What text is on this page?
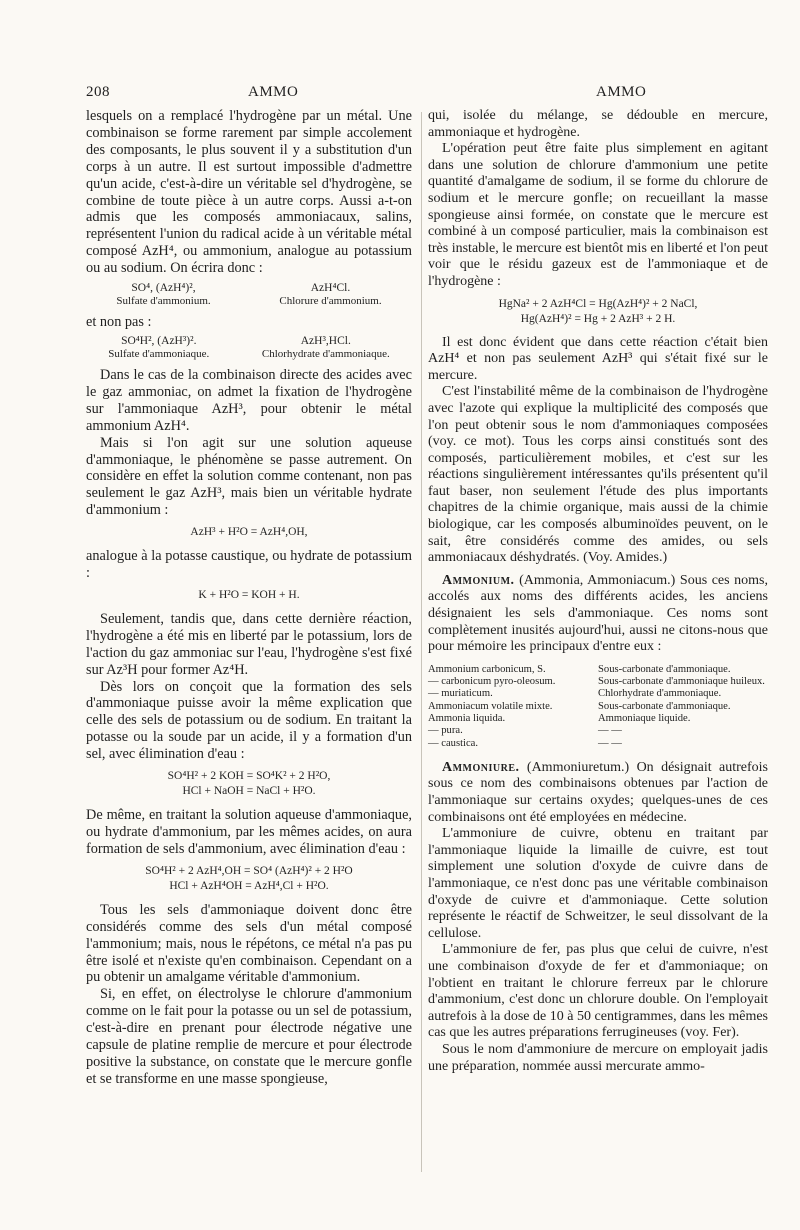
208	AMMO	AMMO

lesquels on a remplacé l'hydrogène par un métal. Une combinaison se forme rarement par simple accolement des composants, le plus souvent il y a substitution d'un corps à un autre. Il est surtout impossible d'admettre qu'un acide, c'est-à-dire un véritable sel d'hydrogène, se combine de toute pièce à un autre corps. Aussi a-t-on admis que les composés ammoniacaux, salins, représentent l'union du radical acide à un véritable métal composé AzH⁴, ou ammonium, analogue au potassium ou au sodium. On écrira donc :

SO⁴, (AzH⁴)²,
Sulfate d'ammonium.
AzH⁴Cl.
Chlorure d'ammonium.

et non pas :

SO⁴H², (AzH³)².
Sulfate d'ammoniaque.
AzH³,HCl.
Chlorhydrate d'ammoniaque.

Dans le cas de la combinaison directe des acides avec le gaz ammoniac, on admet la fixation de l'hydrogène sur l'ammoniaque AzH³, pour obtenir le métal ammonium AzH⁴.

Mais si l'on agit sur une solution aqueuse d'ammoniaque, le phénomène se passe autrement. On considère en effet la solution comme contenant, non pas seulement le gaz AzH³, mais bien un véritable hydrate d'ammonium :

AzH³ + H²O = AzH⁴,OH,

analogue à la potasse caustique, ou hydrate de potassium :

K + H²O = KOH + H.

Seulement, tandis que, dans cette dernière réaction, l'hydrogène a été mis en liberté par le potassium, lors de l'action du gaz ammoniac sur l'eau, l'hydrogène s'est fixé sur Az³H pour former Az⁴H.

Dès lors on conçoit que la formation des sels d'ammoniaque puisse avoir la même explication que celle des sels de potassium ou de sodium. En traitant la potasse ou la soude par un acide, il y a formation d'un sel, avec élimination d'eau :

SO⁴H² + 2 KOH = SO⁴K² + 2 H²O,
HCl + NaOH = NaCl + H²O.

De même, en traitant la solution aqueuse d'ammoniaque, ou hydrate d'ammonium, par les mêmes acides, on aura formation de sels d'ammonium, avec élimination d'eau :

SO⁴H² + 2 AzH⁴,OH = SO⁴ (AzH⁴)² + 2 H²O
HCl + AzH⁴OH = AzH⁴,Cl + H²O.

Tous les sels d'ammoniaque doivent donc être considérés comme des sels d'un métal composé l'ammonium; mais, nous le répétons, ce métal n'a pas pu être isolé et n'existe qu'en combinaison. Cependant on a pu obtenir un amalgame véritable d'ammonium.

Si, en effet, on électrolyse le chlorure d'ammonium comme on le fait pour la potasse ou un sel de potassium, c'est-à-dire en prenant pour électrode négative une capsule de platine remplie de mercure et pour électrode positive la substance, on constate que le mercure gonfle et se transforme en une masse spongieuse,

qui, isolée du mélange, se dédouble en mercure, ammoniaque et hydrogène.

L'opération peut être faite plus simplement en agitant dans une solution de chlorure d'ammonium une petite quantité d'amalgame de sodium, il se forme du chlorure de sodium et le mercure gonfle; on recueillant la masse spongieuse ainsi formée, on constate que le mercure est combiné à un composé particulier, mais la combinaison est très instable, le mercure est bientôt mis en liberté et l'on peut voir que le résidu gazeux est de l'ammoniaque et de l'hydrogène :

HgNa² + 2 AzH⁴Cl = Hg(AzH⁴)² + 2 NaCl,
Hg(AzH⁴)² = Hg + 2 AzH³ + 2 H.

Il est donc évident que dans cette réaction c'était bien AzH⁴ et non pas seulement AzH³ qui s'était fixé sur le mercure.

C'est l'instabilité même de la combinaison de l'hydrogène avec l'azote qui explique la multiplicité des composés que l'on peut obtenir sous le nom d'ammoniaques composées (voy. ce mot). Tous les corps ainsi constitués sont des composés, particulièrement mobiles, et c'est sur les réactions singulièrement intéressantes qu'ils présentent qu'il faut baser, non seulement l'étude des plus importants chapitres de la chimie organique, mais aussi de la chimie biologique, car les composés albuminoïdes peuvent, on le sait, être considérés comme des amides, ou sels ammoniacaux déshydratés. (Voy. Amides.)

Ammonium. (Ammonia, Ammoniacum.) Sous ces noms, accolés aux noms des différents acides, les anciens désignaient les sels d'ammoniaque. Ces noms sont complètement inusités aujourd'hui, aussi ne citons-nous que pour mémoire les principaux d'entre eux :

Ammonium carbonicum, S.
— carbonicum pyro-oleosum.
— muriaticum.
Ammoniacum volatile mixte.
Ammonia liquida.
— pura.
— caustica.
Sous-carbonate d'ammoniaque.
Sous-carbonate d'ammoniaque huileux.
Chlorhydrate d'ammoniaque.
Sous-carbonate d'ammoniaque.
Ammoniaque liquide.
— —
— —

Ammoniure. (Ammoniuretum.) On désignait autrefois sous ce nom des combinaisons obtenues par l'action de l'ammoniaque sur certains oxydes; quelques-unes de ces combinaisons ont été employées en médecine.

L'ammoniure de cuivre, obtenu en traitant par l'ammoniaque liquide la limaille de cuivre, est tout simplement une solution d'oxyde de cuivre dans de l'ammoniaque, ce n'est donc pas une véritable combinaison d'oxyde de cuivre et d'ammoniaque. Cette solution représente le réactif de Schweitzer, le seul dissolvant de la cellulose.

L'ammoniure de fer, pas plus que celui de cuivre, n'est une combinaison d'oxyde de fer et d'ammoniaque; on l'obtient en traitant le chlorure ferreux par le chlorure d'ammonium, c'est donc un chlorure double. On l'employait autrefois à la dose de 10 à 50 centigrammes, dans les mêmes cas que les autres préparations ferrugineuses (voy. Fer).

Sous le nom d'ammoniure de mercure on employait jadis une préparation, nommée aussi mercurate ammo-
